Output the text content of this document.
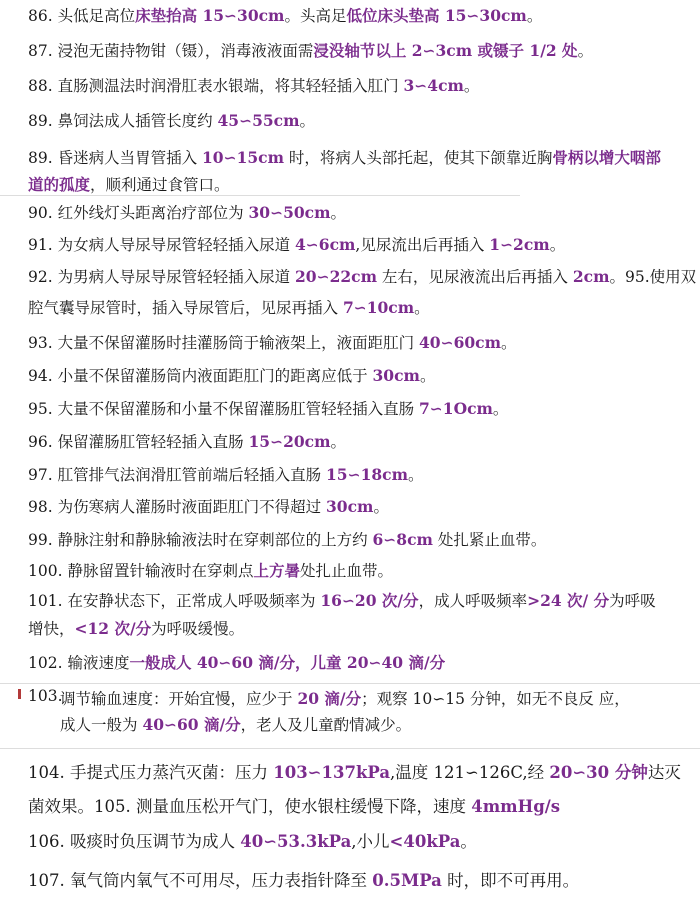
86. 头低足高位床垫抬高 15∽30cm。头高足低位床头垫高 15∽30cm。
87. 浸泡无菌持物钳（镊），消毒液液面需浸没轴节以上 2∽3cm 或镊子 1/2 处。
88. 直肠测温法时润滑肛表水银端，将其轻轻插入肛门 3∽4cm。
89. 鼻饲法成人插管长度约 45∽55cm。
89. 昏迷病人当胃管插入 10∽15cm 时，将病人头部托起，使其下颌靠近胸骨柄以增大咽部
道的孤度，顺利通过食管口。
90. 红外线灯头距离治疗部位为 30∽50cm。
91. 为女病人导尿导尿管轻轻插入尿道 4∽6cm,见尿流出后再插入 1∽2cm。
92. 为男病人导尿导尿管轻轻插入尿道 20∽22cm 左右，见尿液流出后再插入 2cm。95.使用双
腔气囊导尿管时，插入导尿管后，见尿再插入 7∽10cm。
93. 大量不保留灌肠时挂灌肠筒于输液架上，液面距肛门 40∽60cm。
94. 小量不保留灌肠筒内液面距肛门的距离应低于 30cm。
95. 大量不保留灌肠和小量不保留灌肠肛管轻轻插入直肠 7∽1Ocm。
96. 保留灌肠肛管轻轻插入直肠 15∽20cm。
97. 肛管排气法润滑肛管前端后轻插入直肠 15∽18cm。
98. 为伤寒病人灌肠时液面距肛门不得超过 30cm。
99. 静脉注射和静脉输液法时在穿刺部位的上方约 6∽8cm 处扎紧止血带。
100. 静脉留置针输液时在穿刺点上方暑处扎止血带。
101. 在安静状态下，正常成人呼吸频率为 16∽20 次/分，成人呼吸频率>24 次/ 分为呼吸
增快，<12 次/分为呼吸缓慢。
102. 输液速度一般成人 40∽60 滴/分，儿童 20∽40 滴/分
103.
调节输血速度：开始宜慢，应少于 20 滴/分；观察 10∽15 分钟，如无不良反 应，
成人一般为 40∽60 滴/分，老人及儿童酌情减少。
104. 手提式压力蒸汽灭菌：压力 103∽137kPa,温度 121∽126C,经 20∽30 分钟达灭
菌效果。105. 测量血压松开气门，使水银柱缓慢下降，速度 4mmHg/s
106. 吸痰时负压调节为成人 40∽53.3kPa,小儿<40kPa。
107. 氧气筒内氧气不可用尽，压力表指针降至 0.5MPa 时，即不可再用。
